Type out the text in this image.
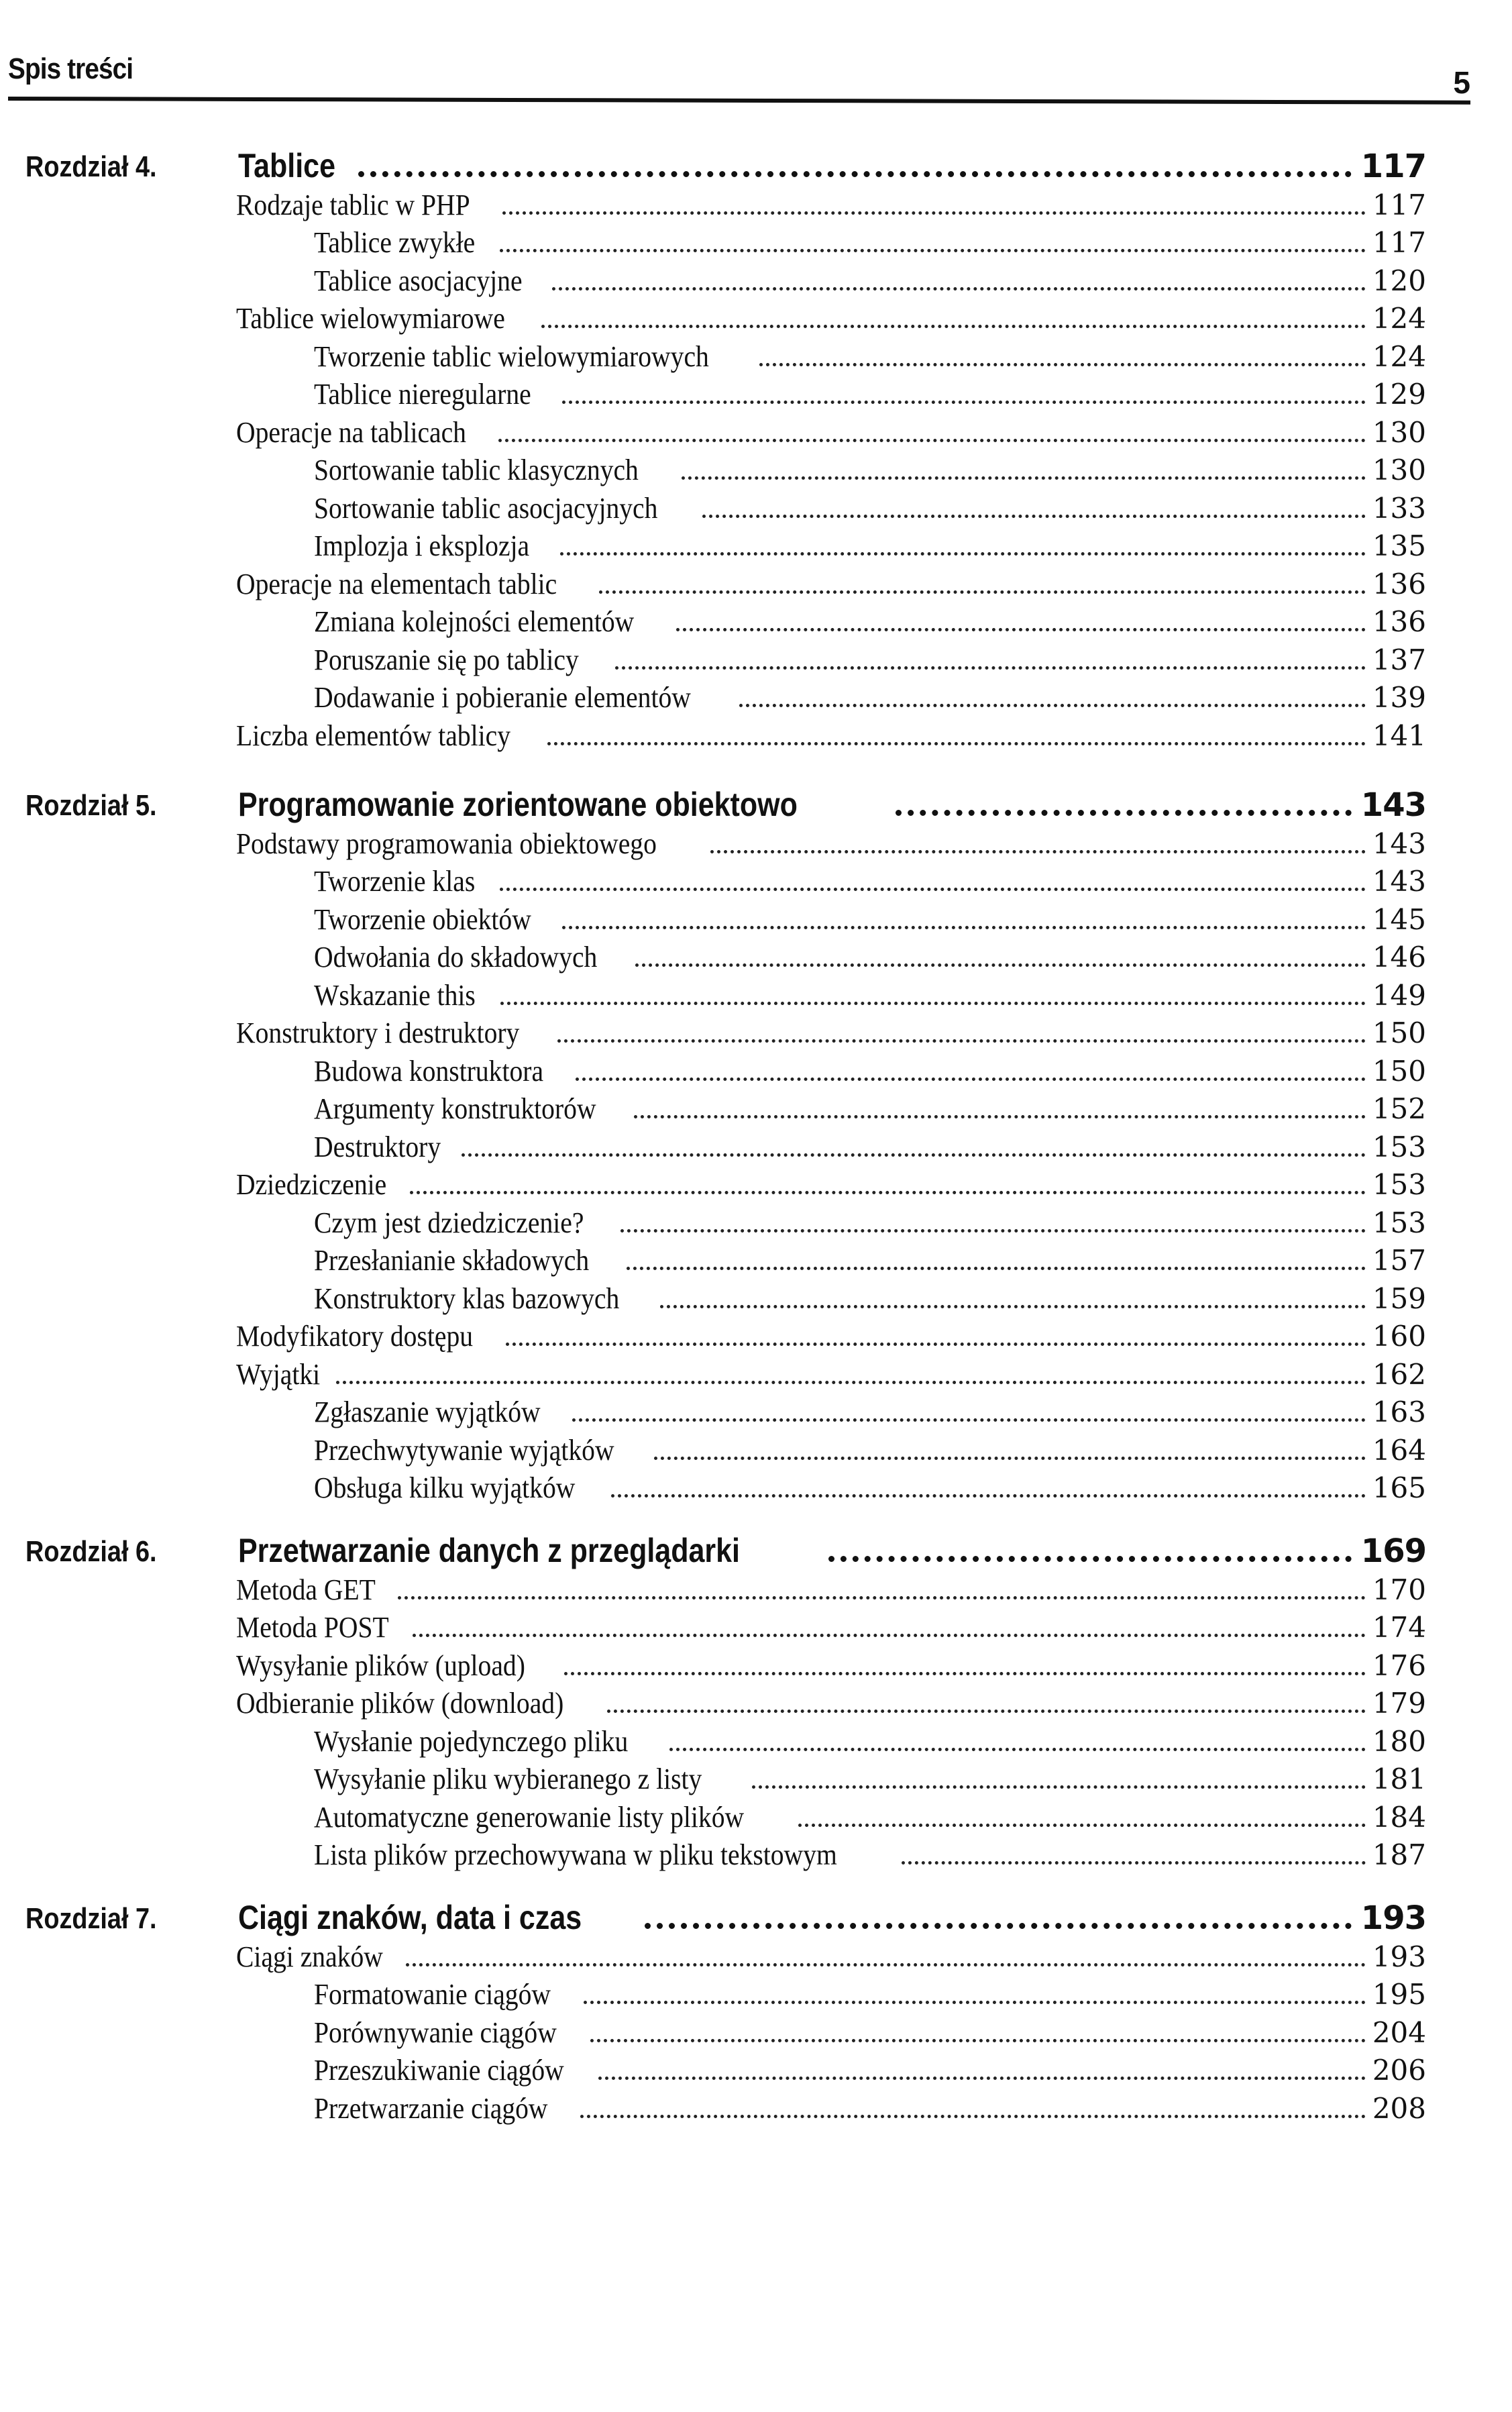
Spis treści	5
Rozdział 4. Tablice	117
Rodzaje tablic w PHP	117
Tablice zwykłe	117
Tablice asocjacyjne	120
Tablice wielowymiarowe	124
Tworzenie tablic wielowymiarowych	124
Tablice nieregularne	129
Operacje na tablicach	130
Sortowanie tablic klasycznych	130
Sortowanie tablic asocjacyjnych	133
Implozja i eksplozja	135
Operacje na elementach tablic	136
Zmiana kolejności elementów	136
Poruszanie się po tablicy	137
Dodawanie i pobieranie elementów	139
Liczba elementów tablicy	141
Rozdział 5. Programowanie zorientowane obiektowo	143
Podstawy programowania obiektowego	143
Tworzenie klas	143
Tworzenie obiektów	145
Odwołania do składowych	146
Wskazanie this	149
Konstruktory i destruktory	150
Budowa konstruktora	150
Argumenty konstruktorów	152
Destruktory	153
Dziedziczenie	153
Czym jest dziedziczenie?	153
Przesłanianie składowych	157
Konstruktory klas bazowych	159
Modyfikatory dostępu	160
Wyjątki	162
Zgłaszanie wyjątków	163
Przechwytywanie wyjątków	164
Obsługa kilku wyjątków	165
Rozdział 6. Przetwarzanie danych z przeglądarki	169
Metoda GET	170
Metoda POST	174
Wysyłanie plików (upload)	176
Odbieranie plików (download)	179
Wysłanie pojedynczego pliku	180
Wysyłanie pliku wybieranego z listy	181
Automatyczne generowanie listy plików	184
Lista plików przechowywana w pliku tekstowym	187
Rozdział 7. Ciągi znaków, data i czas	193
Ciągi znaków	193
Formatowanie ciągów	195
Porównywanie ciągów	204
Przeszukiwanie ciągów	206
Przetwarzanie ciągów	208
